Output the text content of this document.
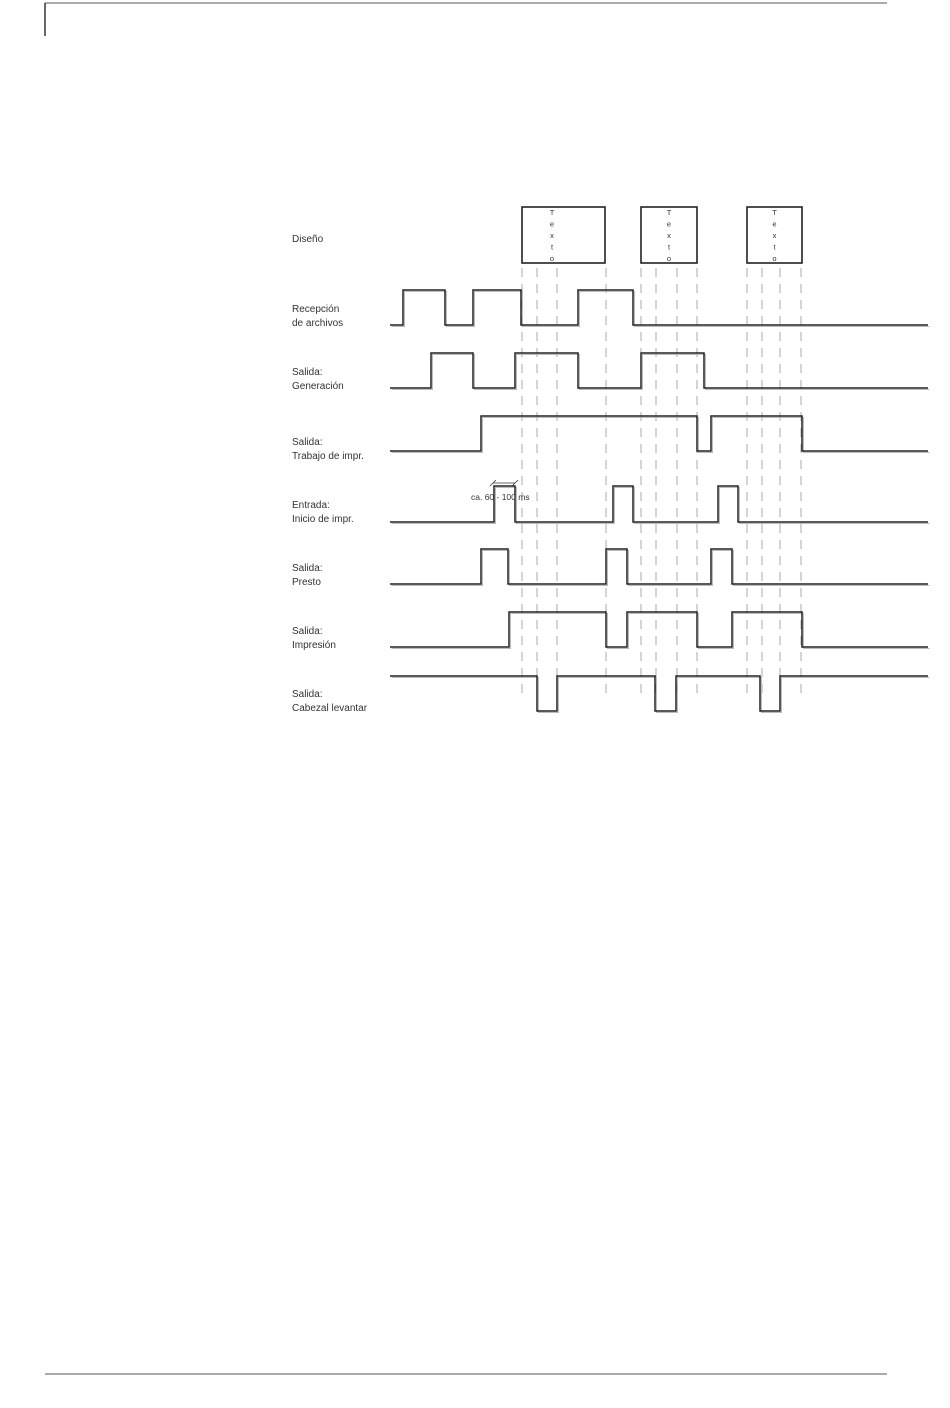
Diseño
T
e
x
t
o
T
e
x
t
o
T
e
x
t
o
Recepción
de archivos
Salida:
Generación
Salida:
Trabajo de impr.
Entrada:
Inicio de impr.
Salida:
Presto
Salida:
Impresión
Salida:
Cabezal levantar
ca. 60 - 100 ms
